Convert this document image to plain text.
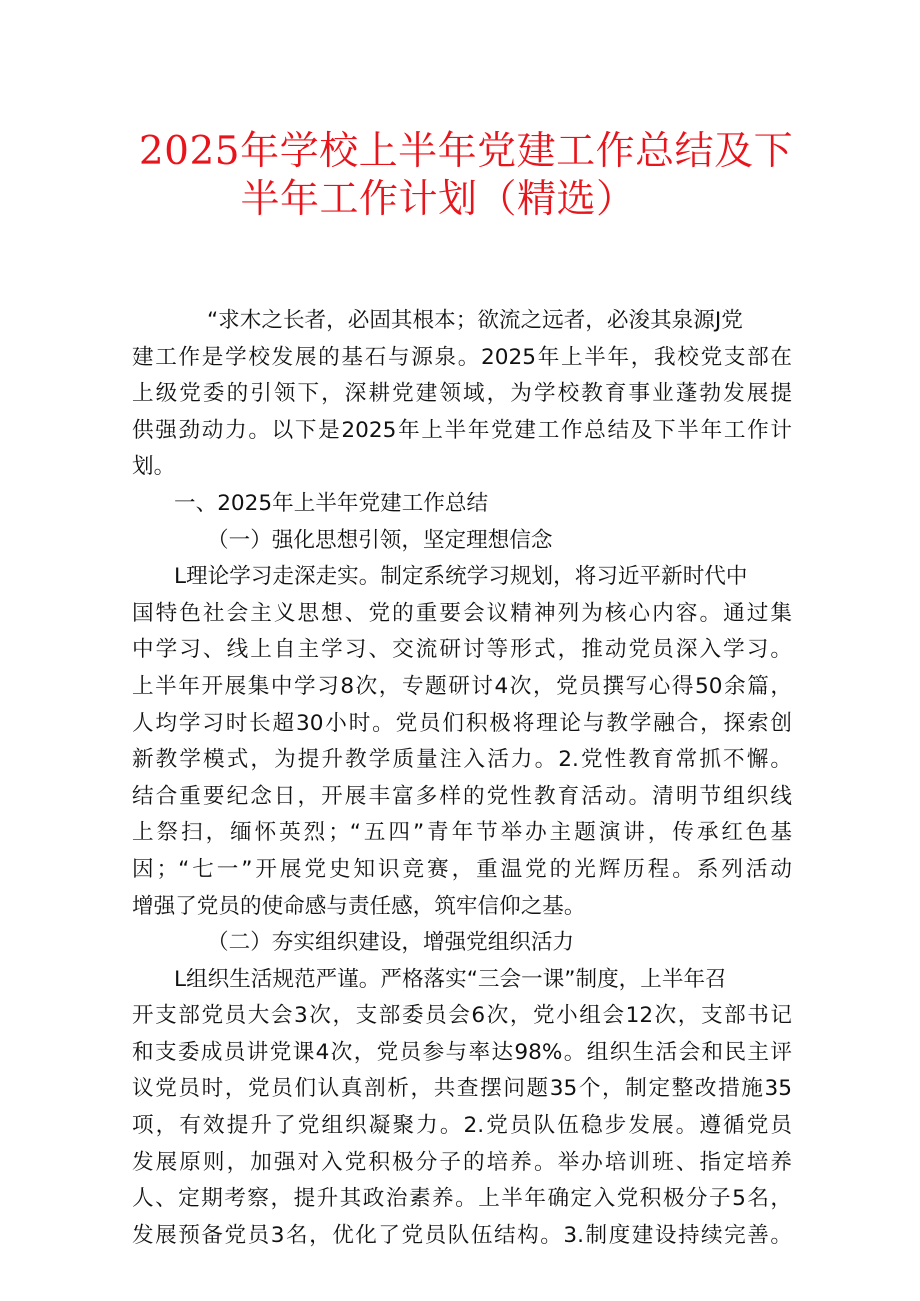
2025年学校上半年党建工作总结及下
半年工作计划（精选）
“求木之长者，必固其根本；欲流之远者，必浚其泉源J党
建工作是学校发展的基石与源泉。2025年上半年，我校党支部在
上级党委的引领下，深耕党建领域，为学校教育事业蓬勃发展提
供强劲动力。以下是2025年上半年党建工作总结及下半年工作计
划。
一、2025年上半年党建工作总结
（一）强化思想引领，坚定理想信念
L理论学习走深走实。制定系统学习规划，将习近平新时代中
国特色社会主义思想、党的重要会议精神列为核心内容。通过集
中学习、线上自主学习、交流研讨等形式，推动党员深入学习。
上半年开展集中学习8次，专题研讨4次，党员撰写心得50余篇，
人均学习时长超30小时。党员们积极将理论与教学融合，探索创
新教学模式，为提升教学质量注入活力。2.党性教育常抓不懈。
结合重要纪念日，开展丰富多样的党性教育活动。清明节组织线
上祭扫，缅怀英烈；“五四”青年节举办主题演讲，传承红色基
因；“七一”开展党史知识竞赛，重温党的光辉历程。系列活动
增强了党员的使命感与责任感，筑牢信仰之基。
（二）夯实组织建设，增强党组织活力
L组织生活规范严谨。严格落实“三会一课”制度，上半年召
开支部党员大会3次，支部委员会6次，党小组会12次，支部书记
和支委成员讲党课4次，党员参与率达98%。组织生活会和民主评
议党员时，党员们认真剖析，共查摆问题35个，制定整改措施35
项，有效提升了党组织凝聚力。2.党员队伍稳步发展。遵循党员
发展原则，加强对入党积极分子的培养。举办培训班、指定培养
人、定期考察，提升其政治素养。上半年确定入党积极分子5名，
发展预备党员3名，优化了党员队伍结构。3.制度建设持续完善。
